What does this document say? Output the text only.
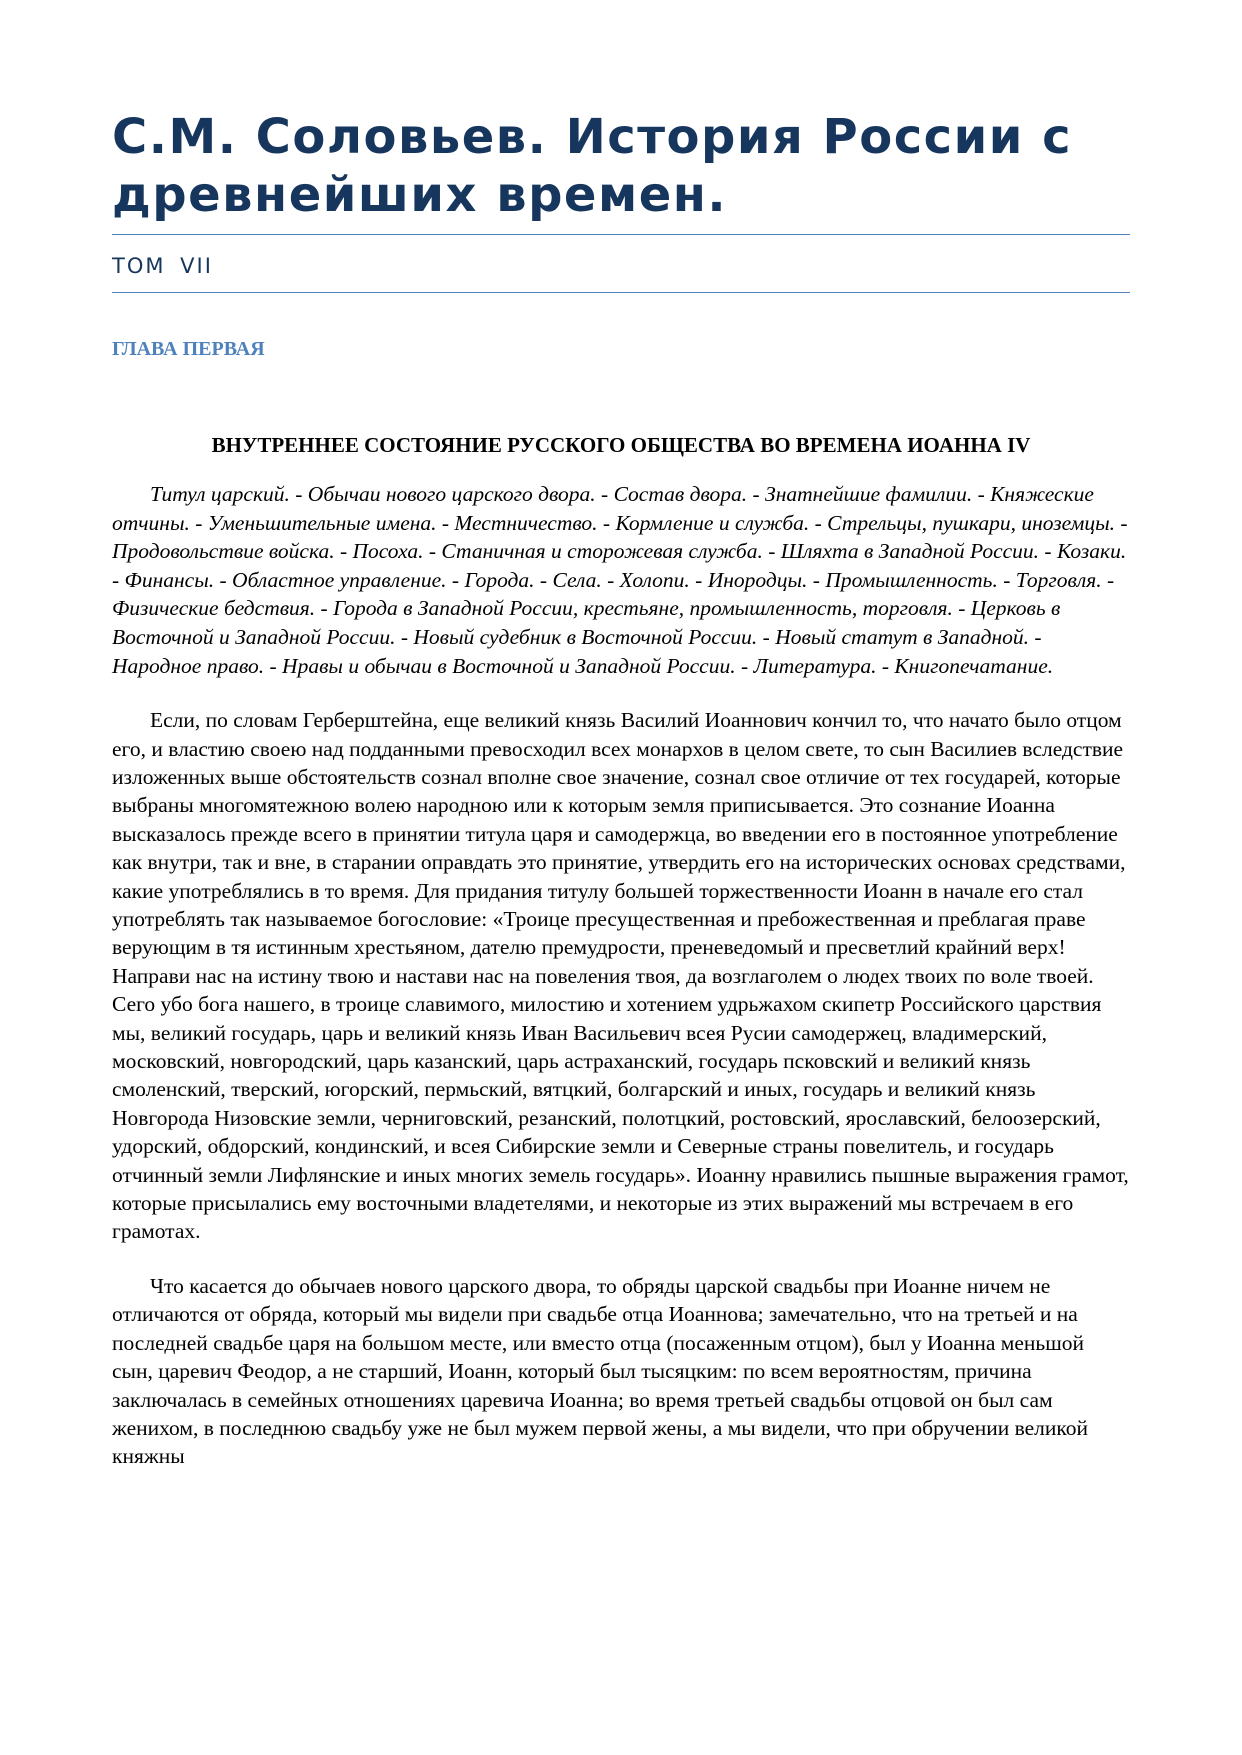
С.М. Соловьев. История России с древнейших времен.
ТОМ VII
ГЛАВА ПЕРВАЯ
ВНУТРЕННЕЕ СОСТОЯНИЕ РУССКОГО ОБЩЕСТВА ВО ВРЕМЕНА ИОАННА IV

Титул царский. - Обычаи нового царского двора. - Состав двора. - Знатнейшие фамилии. - Княжеские отчины. - Уменьшительные имена. - Местничество. - Кормление и служба. - Стрельцы, пушкари, иноземцы. - Продовольствие войска. - Посоха. - Станичная и сторожевая служба. - Шляхта в Западной России. - Козаки. - Финансы. - Областное управление. - Города. - Села. - Холопи. - Инородцы. - Промышленность. - Торговля. - Физические бедствия. - Города в Западной России, крестьяне, промышленность, торговля. - Церковь в Восточной и Западной России. - Новый судебник в Восточной России. - Новый статут в Западной. - Народное право. - Нравы и обычаи в Восточной и Западной России. - Литература. - Книгопечатание.

Если, по словам Герберштейна, еще великий князь Василий Иоаннович кончил то, что начато было отцом его, и властию своею над подданными превосходил всех монархов в целом свете, то сын Василиев вследствие изложенных выше обстоятельств сознал вполне свое значение, сознал свое отличие от тех государей, которые выбраны многомятежною волею народною или к которым земля приписывается. Это сознание Иоанна высказалось прежде всего в принятии титула царя и самодержца, во введении его в постоянное употребление как внутри, так и вне, в старании оправдать это принятие, утвердить его на исторических основах средствами, какие употреблялись в то время. Для придания титулу большей торжественности Иоанн в начале его стал употреблять так называемое богословие: «Троице пресущественная и пребожественная и преблагая праве верующим в тя истинным хрестьяном, дателю премудрости, преневедомый и пресветлий крайний верх! Направи нас на истину твою и настави нас на повеления твоя, да возглаголем о людех твоих по воле твоей. Сего убо бога нашего, в троице славимого, милостию и хотением удрьжахом скипетр Российского царствия мы, великий государь, царь и великий князь Иван Васильевич всея Русии самодержец, владимерский, московский, новгородский, царь казанский, царь астраханский, государь псковский и великий князь смоленский, тверский, югорский, пермьский, вятцкий, болгарский и иных, государь и великий князь Новгорода Низовские земли, черниговский, резанский, полотцкий, ростовский, ярославский, белоозерский, удорский, обдорский, кондинский, и всея Сибирские земли и Северные страны повелитель, и государь отчинный земли Лифлянские и иных многих земель государь». Иоанну нравились пышные выражения грамот, которые присылались ему восточными владетелями, и некоторые из этих выражений мы встречаем в его грамотах.

Что касается до обычаев нового царского двора, то обряды царской свадьбы при Иоанне ничем не отличаются от обряда, который мы видели при свадьбе отца Иоаннова; замечательно, что на третьей и на последней свадьбе царя на большом месте, или вместо отца (посаженным отцом), был у Иоанна меньшой сын, царевич Феодор, а не старший, Иоанн, который был тысяцким: по всем вероятностям, причина заключалась в семейных отношениях царевича Иоанна; во время третьей свадьбы отцовой он был сам женихом, в последнюю свадьбу уже не был мужем первой жены, а мы видели, что при обручении великой княжны
